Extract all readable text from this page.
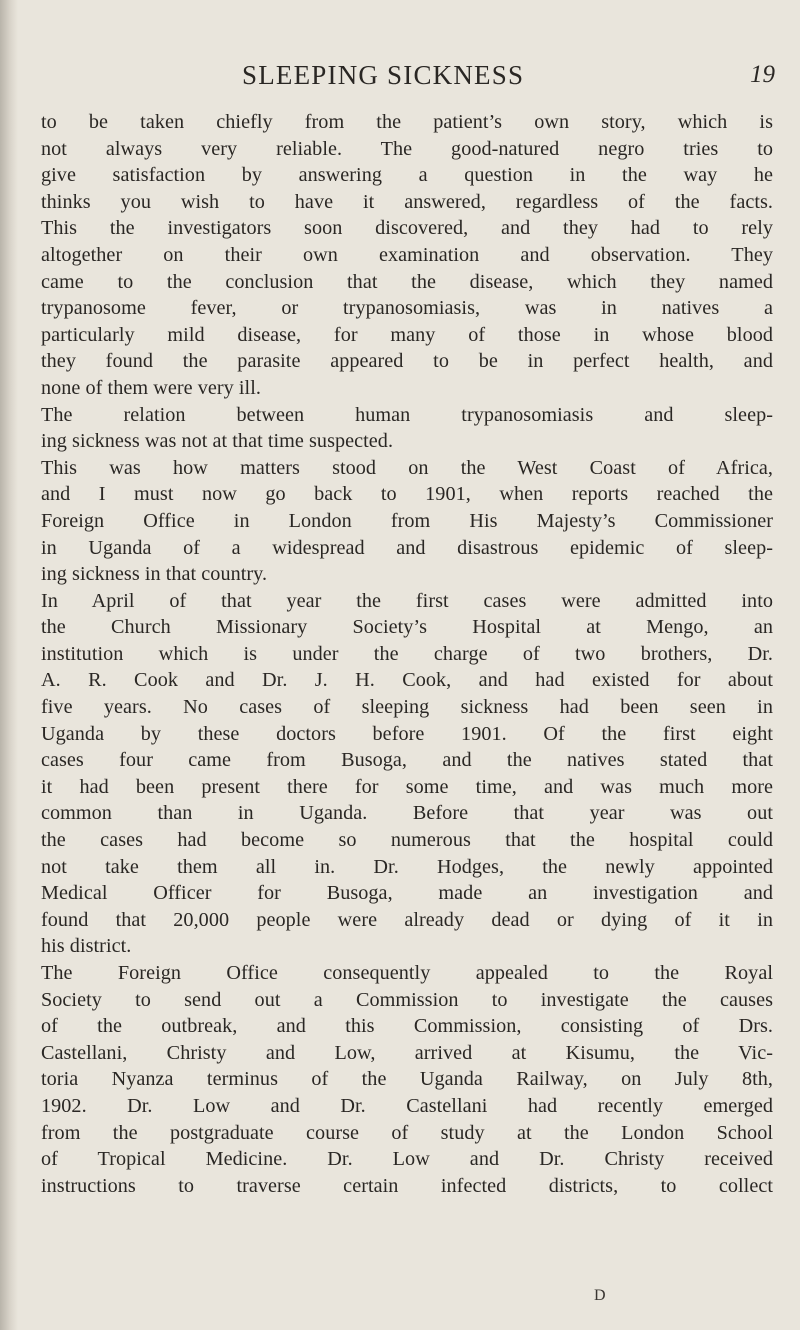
SLEEPING SICKNESS	19
to be taken chiefly from the patient’s own story, which is
not always very reliable. The good-natured negro tries to
give satisfaction by answering a question in the way he
thinks you wish to have it answered, regardless of the facts.
This the investigators soon discovered, and they had to rely
altogether on their own examination and observation. They
came to the conclusion that the disease, which they named
trypanosome fever, or trypanosomiasis, was in natives a
particularly mild disease, for many of those in whose blood
they found the parasite appeared to be in perfect health, and
none of them were very ill.
The relation between human trypanosomiasis and sleep-
ing sickness was not at that time suspected.
This was how matters stood on the West Coast of Africa,
and I must now go back to 1901, when reports reached the
Foreign Office in London from His Majesty’s Commissioner
in Uganda of a widespread and disastrous epidemic of sleep-
ing sickness in that country.
In April of that year the first cases were admitted into
the Church Missionary Society’s Hospital at Mengo, an
institution which is under the charge of two brothers, Dr.
A. R. Cook and Dr. J. H. Cook, and had existed for about
five years. No cases of sleeping sickness had been seen in
Uganda by these doctors before 1901. Of the first eight
cases four came from Busoga, and the natives stated that
it had been present there for some time, and was much more
common than in Uganda. Before that year was out
the cases had become so numerous that the hospital could
not take them all in. Dr. Hodges, the newly appointed
Medical Officer for Busoga, made an investigation and
found that 20,000 people were already dead or dying of it in
his district.
The Foreign Office consequently appealed to the Royal
Society to send out a Commission to investigate the causes
of the outbreak, and this Commission, consisting of Drs.
Castellani, Christy and Low, arrived at Kisumu, the Vic-
toria Nyanza terminus of the Uganda Railway, on July 8th,
1902. Dr. Low and Dr. Castellani had recently emerged
from the postgraduate course of study at the London School
of Tropical Medicine. Dr. Low and Dr. Christy received
instructions to traverse certain infected districts, to collect
D
